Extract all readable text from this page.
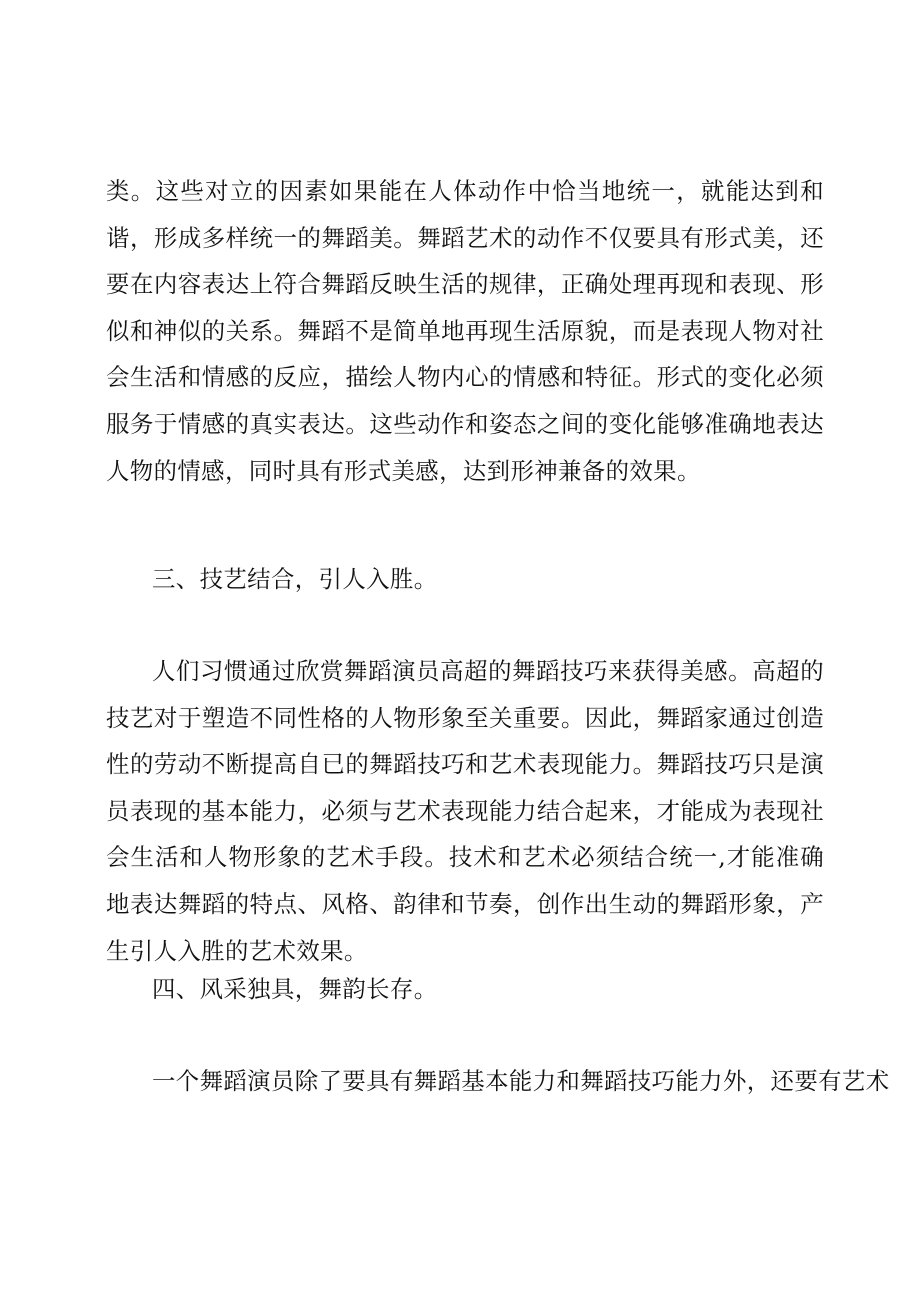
类。这些对立的因素如果能在人体动作中恰当地统一，就能达到和谐，形成多样统一的舞蹈美。舞蹈艺术的动作不仅要具有形式美，还要在内容表达上符合舞蹈反映生活的规律，正确处理再现和表现、形似和神似的关系。舞蹈不是简单地再现生活原貌，而是表现人物对社会生活和情感的反应，描绘人物内心的情感和特征。形式的变化必须服务于情感的真实表达。这些动作和姿态之间的变化能够准确地表达人物的情感，同时具有形式美感，达到形神兼备的效果。
三、技艺结合，引人入胜。
人们习惯通过欣赏舞蹈演员高超的舞蹈技巧来获得美感。高超的技艺对于塑造不同性格的人物形象至关重要。因此，舞蹈家通过创造性的劳动不断提高自已的舞蹈技巧和艺术表现能力。舞蹈技巧只是演员表现的基本能力，必须与艺术表现能力结合起来，才能成为表现社会生活和人物形象的艺术手段。技术和艺术必须结合统一,才能准确地表达舞蹈的特点、风格、韵律和节奏，创作出生动的舞蹈形象，产生引人入胜的艺术效果。
四、风采独具，舞韵长存。
一个舞蹈演员除了要具有舞蹈基本能力和舞蹈技巧能力外，还要有艺术
